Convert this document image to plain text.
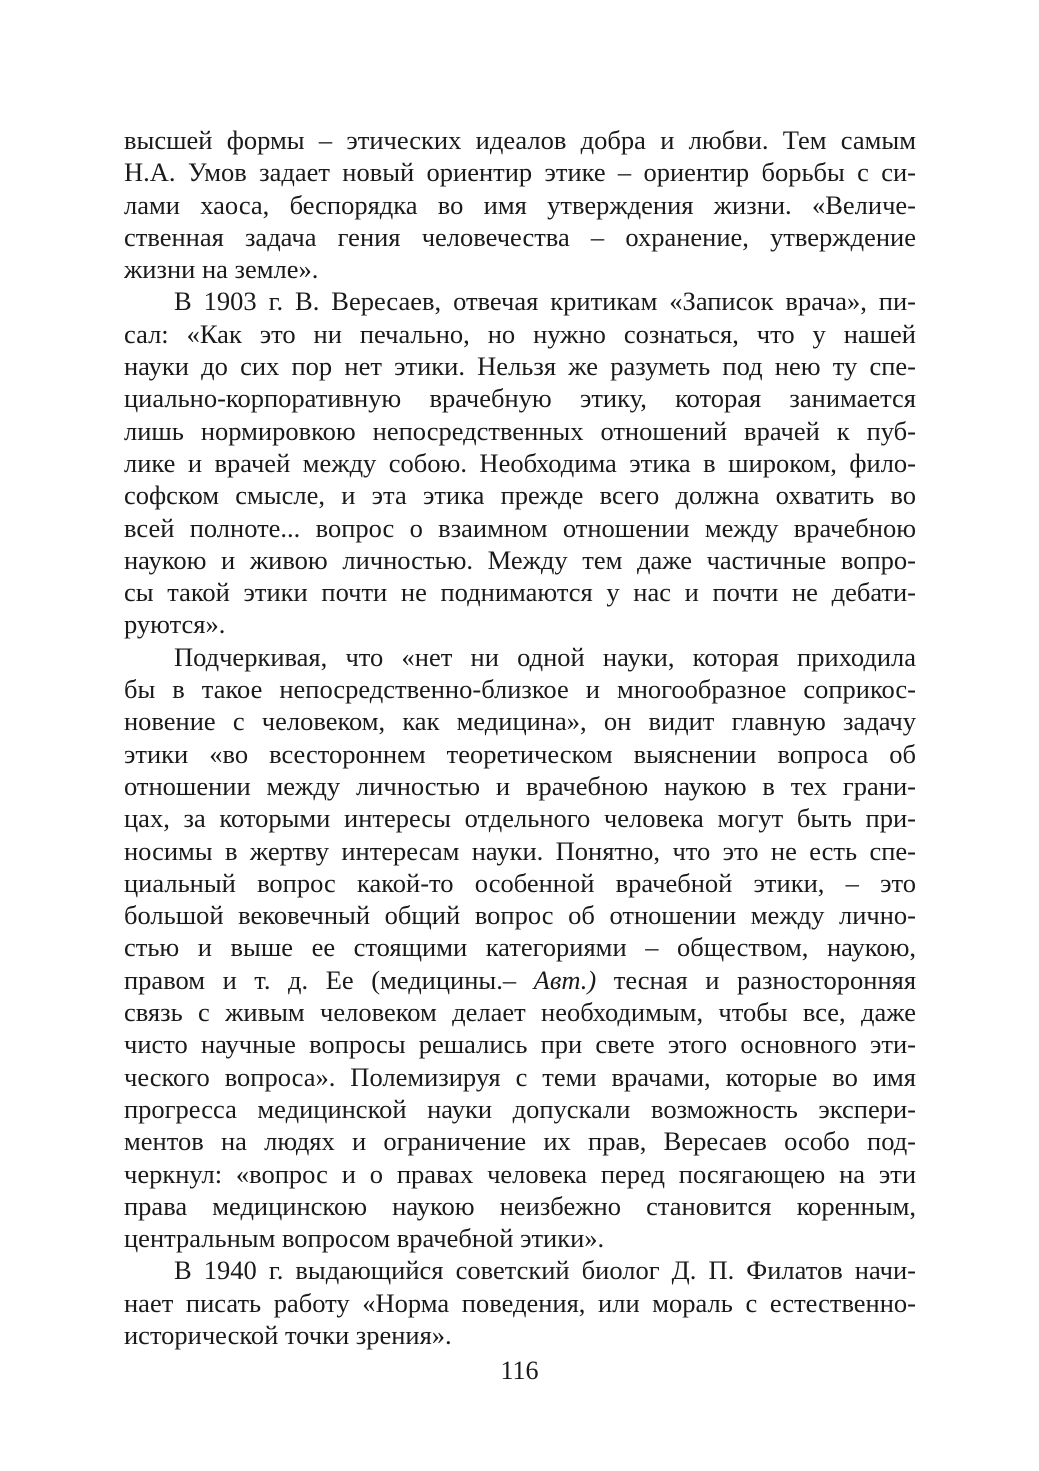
высшей формы – этических идеалов добра и любви. Тем самым
Н.А. Умов задает новый ориентир этике – ориентир борьбы с си-
лами хаоса, беспорядка во имя утверждения жизни. «Величе-
ственная задача гения человечества – охранение, утверждение
жизни на земле».
В 1903 г. В. Вересаев, отвечая критикам «Записок врача», пи-
сал: «Как это ни печально, но нужно сознаться, что у нашей
науки до сих пор нет этики. Нельзя же разуметь под нею ту спе-
циально-корпоративную врачебную этику, которая занимается
лишь нормировкою непосредственных отношений врачей к пуб-
лике и врачей между собою. Необходима этика в широком, фило-
софском смысле, и эта этика прежде всего должна охватить во
всей полноте... вопрос о взаимном отношении между врачебною
наукою и живою личностью. Между тем даже частичные вопро-
сы такой этики почти не поднимаются у нас и почти не дебати-
руются».
Подчеркивая, что «нет ни одной науки, которая приходила
бы в такое непосредственно-близкое и многообразное соприкос-
новение с человеком, как медицина», он видит главную задачу
этики «во всестороннем теоретическом выяснении вопроса об
отношении между личностью и врачебною наукою в тех грани-
цах, за которыми интересы отдельного человека могут быть при-
носимы в жертву интересам науки. Понятно, что это не есть спе-
циальный вопрос какой-то особенной врачебной этики, – это
большой вековечный общий вопрос об отношении между лично-
стью и выше ее стоящими категориями – обществом, наукою,
правом и т. д. Ее (медицины.– Авт.) тесная и разносторонняя
связь с живым человеком делает необходимым, чтобы все, даже
чисто научные вопросы решались при свете этого основного эти-
ческого вопроса». Полемизируя с теми врачами, которые во имя
прогресса медицинской науки допускали возможность экспери-
ментов на людях и ограничение их прав, Вересаев особо под-
черкнул: «вопрос и о правах человека перед посягающею на эти
права медицинскою наукою неизбежно становится коренным,
центральным вопросом врачебной этики».
В 1940 г. выдающийся советский биолог Д. П. Филатов начи-
нает писать работу «Норма поведения, или мораль с естественно-
исторической точки зрения».
116
